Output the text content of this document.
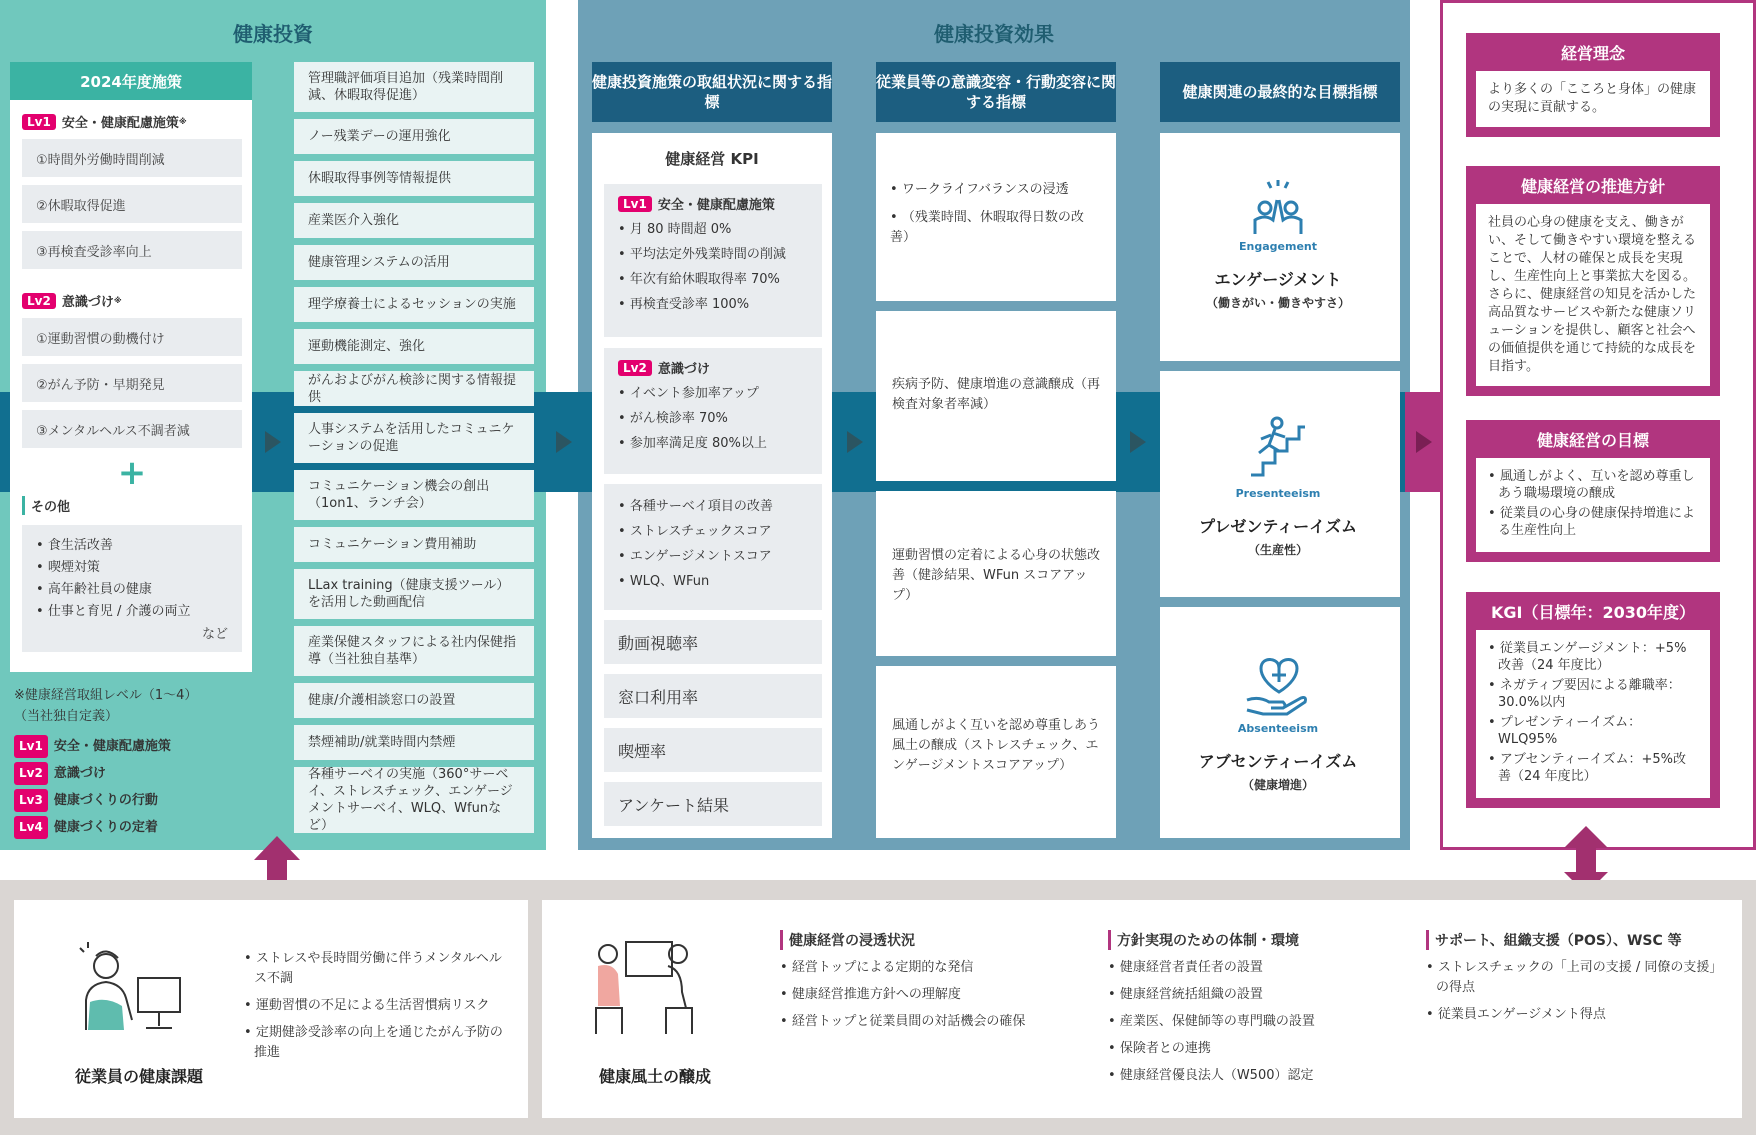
健康投資
2024年度施策
Lv1 安全・健康配慮施策 ※
①時間外労働時間削減
②休暇取得促進
③再検査受診率向上
Lv2 意識づけ ※
①運動習慣の動機付け
②がん予防・早期発見
③メンタルヘルス不調者減
+
その他
• 食生活改善
• 喫煙対策
• 高年齢社員の健康
• 仕事と育児 / 介護の両立
など
※健康経営取組レベル（1～4）
（当社独自定義）
Lv1 安全・健康配慮施策
Lv2 意識づけ
Lv3 健康づくりの行動
Lv4 健康づくりの定着
管理職評価項目追加（残業時間削減、休暇取得促進）
ノー残業デーの運用強化
休暇取得事例等情報提供
産業医介入強化
健康管理システムの活用
理学療養士によるセッションの実施
運動機能測定、強化
がんおよびがん検診に関する情報提供
人事システムを活用したコミュニケーションの促進
コミュニケーション機会の創出（1on1、ランチ会）
コミュニケーション費用補助
LLax training（健康支援ツール）を活用した動画配信
産業保健スタッフによる社内保健指導（当社独自基準）
健康/介護相談窓口の設置
禁煙補助/就業時間内禁煙
各種サーベイの実施（360°サーベイ、ストレスチェック、エンゲージメントサーベイ、WLQ、Wfunなど）
健康投資効果
健康投資施策の取組状況に関する指標
従業員等の意識変容・行動変容に関する指標
健康関連の最終的な目標指標
健康経営 KPI
Lv1 安全・健康配慮施策
• 月 80 時間超 0%
• 平均法定外残業時間の削減
• 年次有給休暇取得率 70%
• 再検査受診率 100%
Lv2 意識づけ
• イベント参加率アップ
• がん検診率 70%
• 参加率満足度 80%以上
• 各種サーベイ項目の改善
• ストレスチェックスコア
• エンゲージメントスコア
• WLQ、WFun
動画視聴率
窓口利用率
喫煙率
アンケート結果
• ワークライフバランスの浸透
• （残業時間、休暇取得日数の改善）
疾病予防、健康増進の意識醸成（再検査対象者率減）
運動習慣の定着による心身の状態改善（健診結果、WFun スコアアップ）
風通しがよく互いを認め尊重しあう風土の醸成（ストレスチェック、エンゲージメントスコアアップ）
Engagement
エンゲージメント
（働きがい・働きやすさ）
Presenteeism
プレゼンティーイズム
（生産性）
Absenteeism
アブセンティーイズム
（健康増進）
経営理念
より多くの「こころと身体」の健康の実現に貢献する。
健康経営の推進方針
社員の心身の健康を支え、働きがい、そして働きやすい環境を整えることで、人材の確保と成長を実現し、生産性向上と事業拡大を図る。さらに、健康経営の知見を活かした高品質なサービスや新たな健康ソリューションを提供し、顧客と社会への価値提供を通じて持続的な成長を目指す。
健康経営の目標
• 風通しがよく、互いを認め尊重しあう職場環境の醸成
• 従業員の心身の健康保持増進による生産性向上
KGI（目標年：2030年度）
• 従業員エンゲージメント：+5%改善（24 年度比）
• ネガティブ要因による離職率：30.0%以内
• プレゼンティーイズム：WLQ95%
• アブセンティーイズム：+5%改善（24 年度比）
従業員の健康課題
• ストレスや長時間労働に伴うメンタルヘルス不調
• 運動習慣の不足による生活習慣病リスク
• 定期健診受診率の向上を通じたがん予防の推進
健康風土の醸成
健康経営の浸透状況
• 経営トップによる定期的な発信
• 健康経営推進方針への理解度
• 経営トップと従業員間の対話機会の確保
方針実現のための体制・環境
• 健康経営者責任者の設置
• 健康経営統括組織の設置
• 産業医、保健師等の専門職の設置
• 保険者との連携
• 健康経営優良法人（W500）認定
サポート、組織支援（POS）、WSC 等
• ストレスチェックの「上司の支援 / 同僚の支援」の得点
• 従業員エンゲージメント得点
